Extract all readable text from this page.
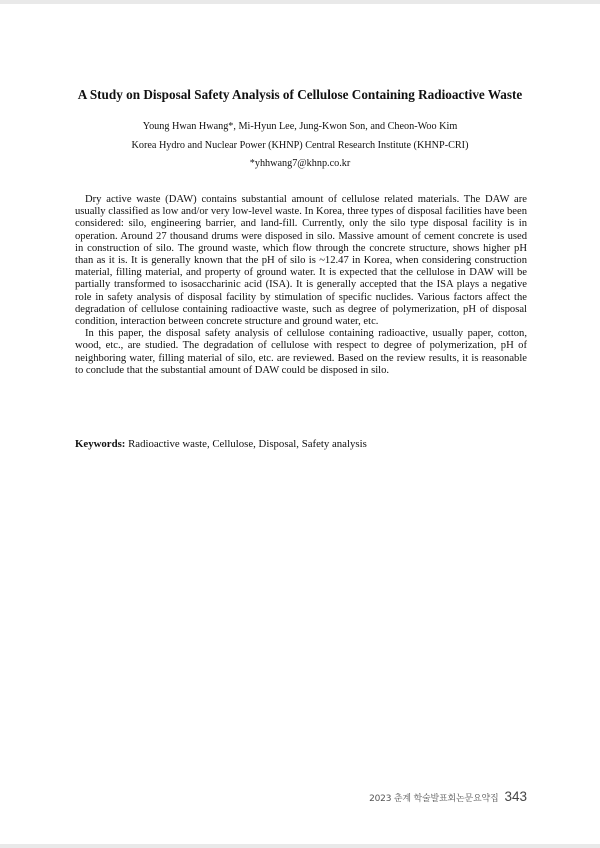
A Study on Disposal Safety Analysis of Cellulose Containing Radioactive Waste
Young Hwan Hwang*, Mi-Hyun Lee, Jung-Kwon Son, and Cheon-Woo Kim
Korea Hydro and Nuclear Power (KHNP) Central Research Institute (KHNP-CRI)
*yhhwang7@khnp.co.kr

Dry active waste (DAW) contains substantial amount of cellulose related materials. The DAW are usually classified as low and/or very low-level waste. In Korea, three types of disposal facilities have been considered: silo, engineering barrier, and land-fill. Currently, only the silo type disposal facility is in operation. Around 27 thousand drums were disposed in silo. Massive amount of cement concrete is used in construction of silo. The ground waste, which flow through the concrete structure, shows higher pH than as it is. It is generally known that the pH of silo is ~12.47 in Korea, when considering construction material, filling material, and property of ground water. It is expected that the cellulose in DAW will be partially transformed to isosaccharinic acid (ISA). It is generally accepted that the ISA plays a negative role in safety analysis of disposal facility by stimulation of specific nuclides. Various factors affect the degradation of cellulose containing radioactive waste, such as degree of polymerization, pH of disposal condition, interaction between concrete structure and ground water, etc.

In this paper, the disposal safety analysis of cellulose containing radioactive, usually paper, cotton, wood, etc., are studied. The degradation of cellulose with respect to degree of polymerization, pH of neighboring water, filling material of silo, etc. are reviewed. Based on the review results, it is reasonable to conclude that the substantial amount of DAW could be disposed in silo.

Keywords: Radioactive waste, Cellulose, Disposal, Safety analysis
2023 춘계 학술발표회논문요약집 343
